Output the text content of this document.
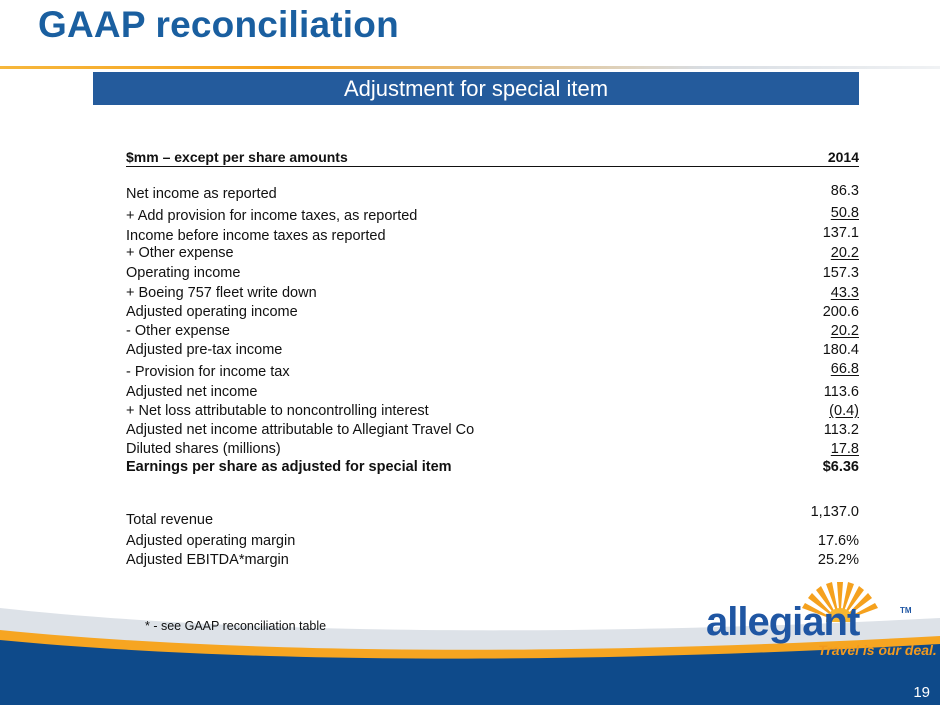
GAAP reconciliation
Adjustment for special item
$mm – except per share amounts	2014
Net income as reported	86.3
+ Add provision for income taxes, as reported	50.8
Income before income taxes as reported	137.1
+ Other expense	20.2
Operating income	157.3
+ Boeing 757 fleet write down	43.3
Adjusted operating income	200.6
- Other expense	20.2
Adjusted pre-tax income	180.4
- Provision for income tax	66.8
Adjusted net income	113.6
+ Net loss attributable to noncontrolling interest	(0.4)
Adjusted net income attributable to Allegiant Travel Co	113.2
Diluted shares (millions)	17.8
Earnings per share as adjusted for special item	$6.36
Total revenue	1,137.0
Adjusted operating margin	17.6%
Adjusted EBITDA*margin	25.2%
* - see GAAP reconciliation table	allegiant	TM
Travel is our deal.
19
